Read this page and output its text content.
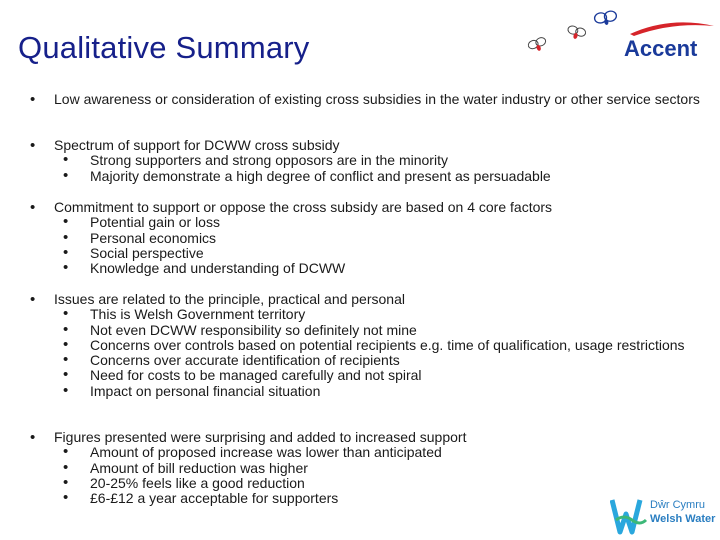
Qualitative Summary	Accent
•	Low awareness or consideration of existing cross subsidies in the water industry or other service sectors
•	Spectrum of support for DCWW cross subsidy
• Strong supporters and strong opposors are in the minority
• Majority demonstrate a high degree of conflict and present as persuadable
•	Commitment to support or oppose the cross subsidy are based on 4 core factors
• Potential gain or loss
• Personal economics
• Social perspective
• Knowledge and understanding of DCWW
•	Issues are related to the principle, practical and personal
• This is Welsh Government territory
• Not even DCWW responsibility so definitely not mine
• Concerns over controls based on potential recipients e.g. time of qualification, usage restrictions
• Concerns over accurate identification of recipients
• Need for costs to be managed carefully and not spiral
• Impact on personal financial situation
•	Figures presented were surprising and added to increased support
• Amount of proposed increase was lower than anticipated
• Amount of bill reduction was higher
• 20-25% feels like a good reduction
• £6-£12 a year acceptable for supporters	Dŵr Cymru
Welsh Water
